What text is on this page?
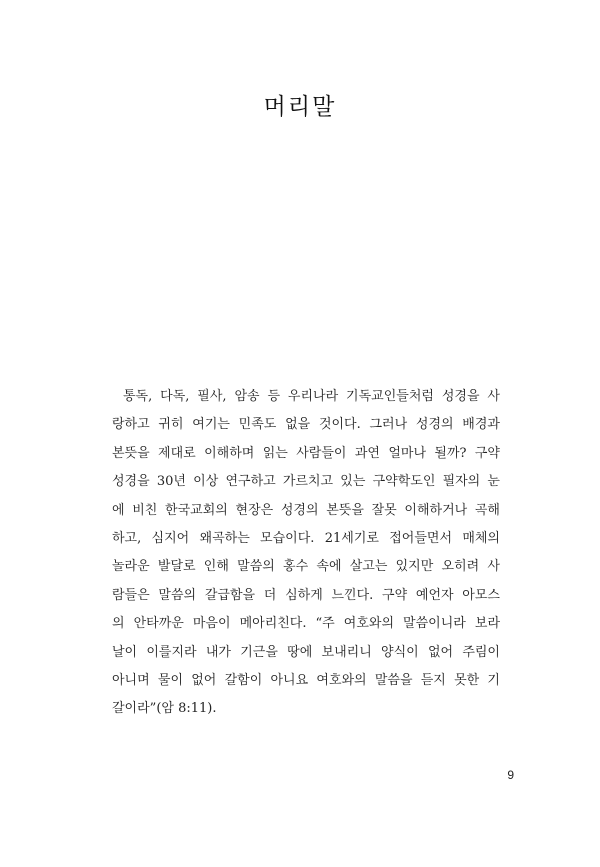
머리말
통독, 다독, 필사, 암송 등 우리나라 기독교인들처럼 성경을 사
랑하고 귀히 여기는 민족도 없을 것이다. 그러나 성경의 배경과
본뜻을 제대로 이해하며 읽는 사람들이 과연 얼마나 될까? 구약
성경을 30년 이상 연구하고 가르치고 있는 구약학도인 필자의 눈
에 비친 한국교회의 현장은 성경의 본뜻을 잘못 이해하거나 곡해
하고, 심지어 왜곡하는 모습이다. 21세기로 접어들면서 매체의
놀라운 발달로 인해 말씀의 홍수 속에 살고는 있지만 오히려 사
람들은 말씀의 갈급함을 더 심하게 느낀다. 구약 예언자 아모스
의 안타까운 마음이 메아리친다. “주 여호와의 말씀이니라 보라
날이 이를지라 내가 기근을 땅에 보내리니 양식이 없어 주림이
아니며 물이 없어 갈함이 아니요 여호와의 말씀을 듣지 못한 기
갈이라”(암 8:11).
9
